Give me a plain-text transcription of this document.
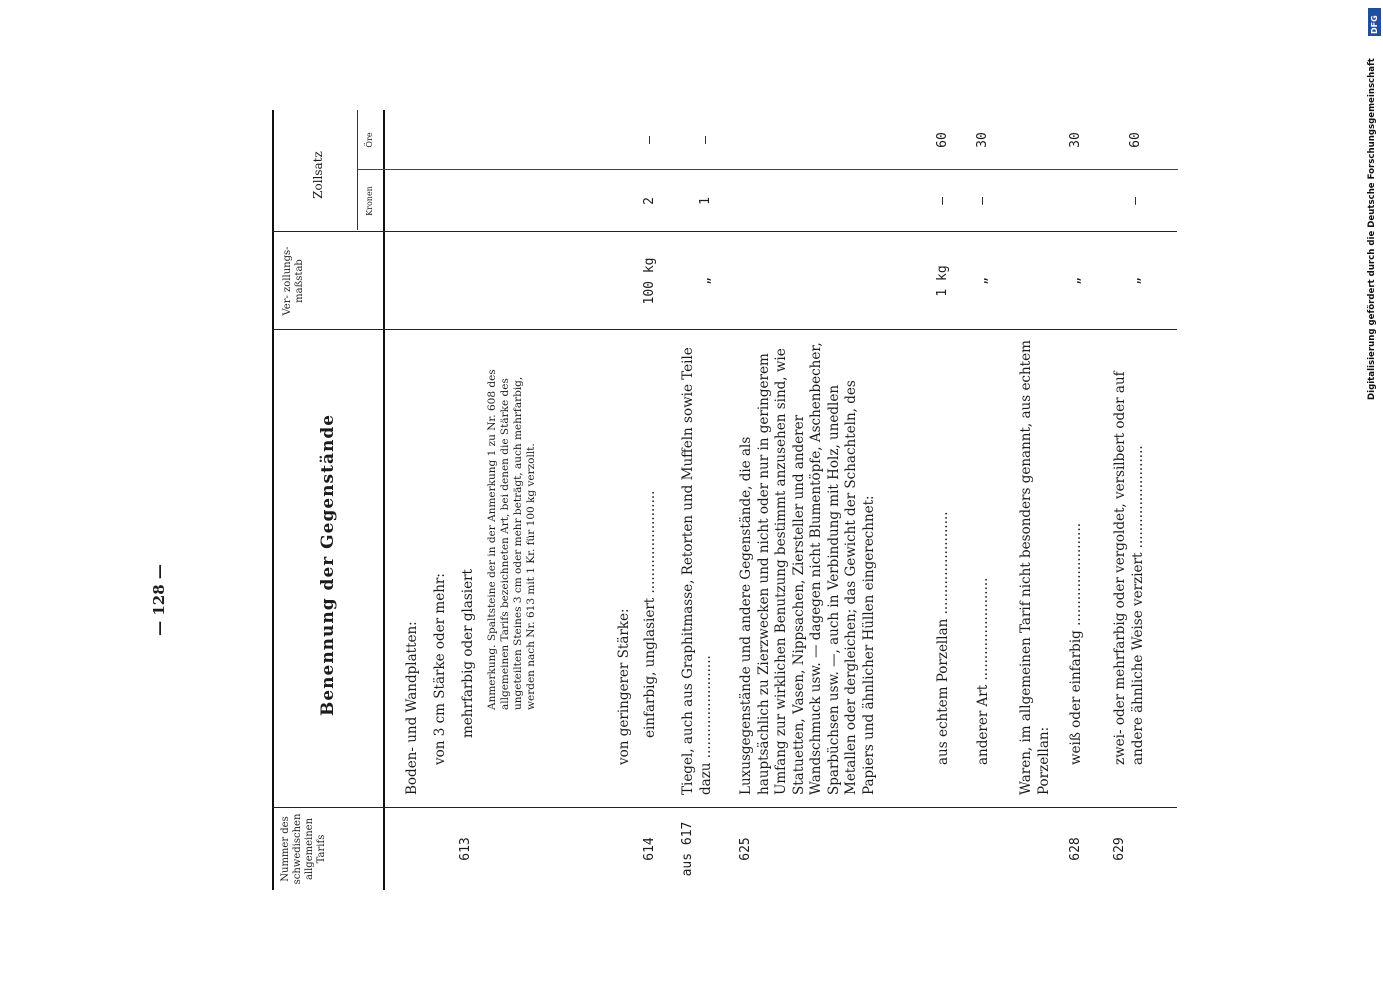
— 128 —
Nummer des schwedischen allgemeinen Tarifs
Benennung der Gegenstände
Ver- zollungs- maßstab
Zollsatz
Kronen
Öre
Boden- und Wandplatten: von 3 cm Stärke oder mehr:
613
mehrfarbig oder glasiert Anmerkung. Spaltsteine der in der Anmerkung 1 zu Nr. 608 des allgemeinen Tarifs bezeichneten Art, bei denen die Stärke des ungeteilten Steines 3 cm oder mehr beträgt, auch mehrfarbig, werden nach Nr. 613 mit 1 Kr. für 100 kg verzollt.	von geringerer Stärke:
614
einfarbig, unglasiert ........................
100 kg
2
—
aus 617
Tiegel, auch aus Graphitmasse, Retorten und Muffeln sowie Teile dazu ........................
„
1
—
625
Luxusgegenstände und andere Gegenstände, die als hauptsächlich zu Zierzwecken und nicht oder nur in geringerem Umfang zur wirklichen Benutzung bestimmt anzusehen sind, wie Statuetten, Vasen, Nippsachen, Ziersteller und anderer Wandschmuck usw. — dagegen nicht Blumentöpfe, Aschenbecher, Sparbüchsen usw. —, auch in Verbindung mit Holz, unedlen Metallen oder dergleichen; das Gewicht der Schachteln, des Papiers und ähnlicher Hüllen eingerechnet:	aus echtem Porzellan ........................
1 kg
—
60
anderer Art ........................
„
—
30
Waren, im allgemeinen Tarif nicht besonders genannt, aus echtem Porzellan:
628
weiß oder einfarbig ........................
„
30
629
zwei- oder mehrfarbig oder vergoldet, versilbert oder auf andere ähnliche Weise verziert ........................
„
—
60
DFG
Digitalisierung gefördert durch die Deutsche Forschungsgemeinschaft
